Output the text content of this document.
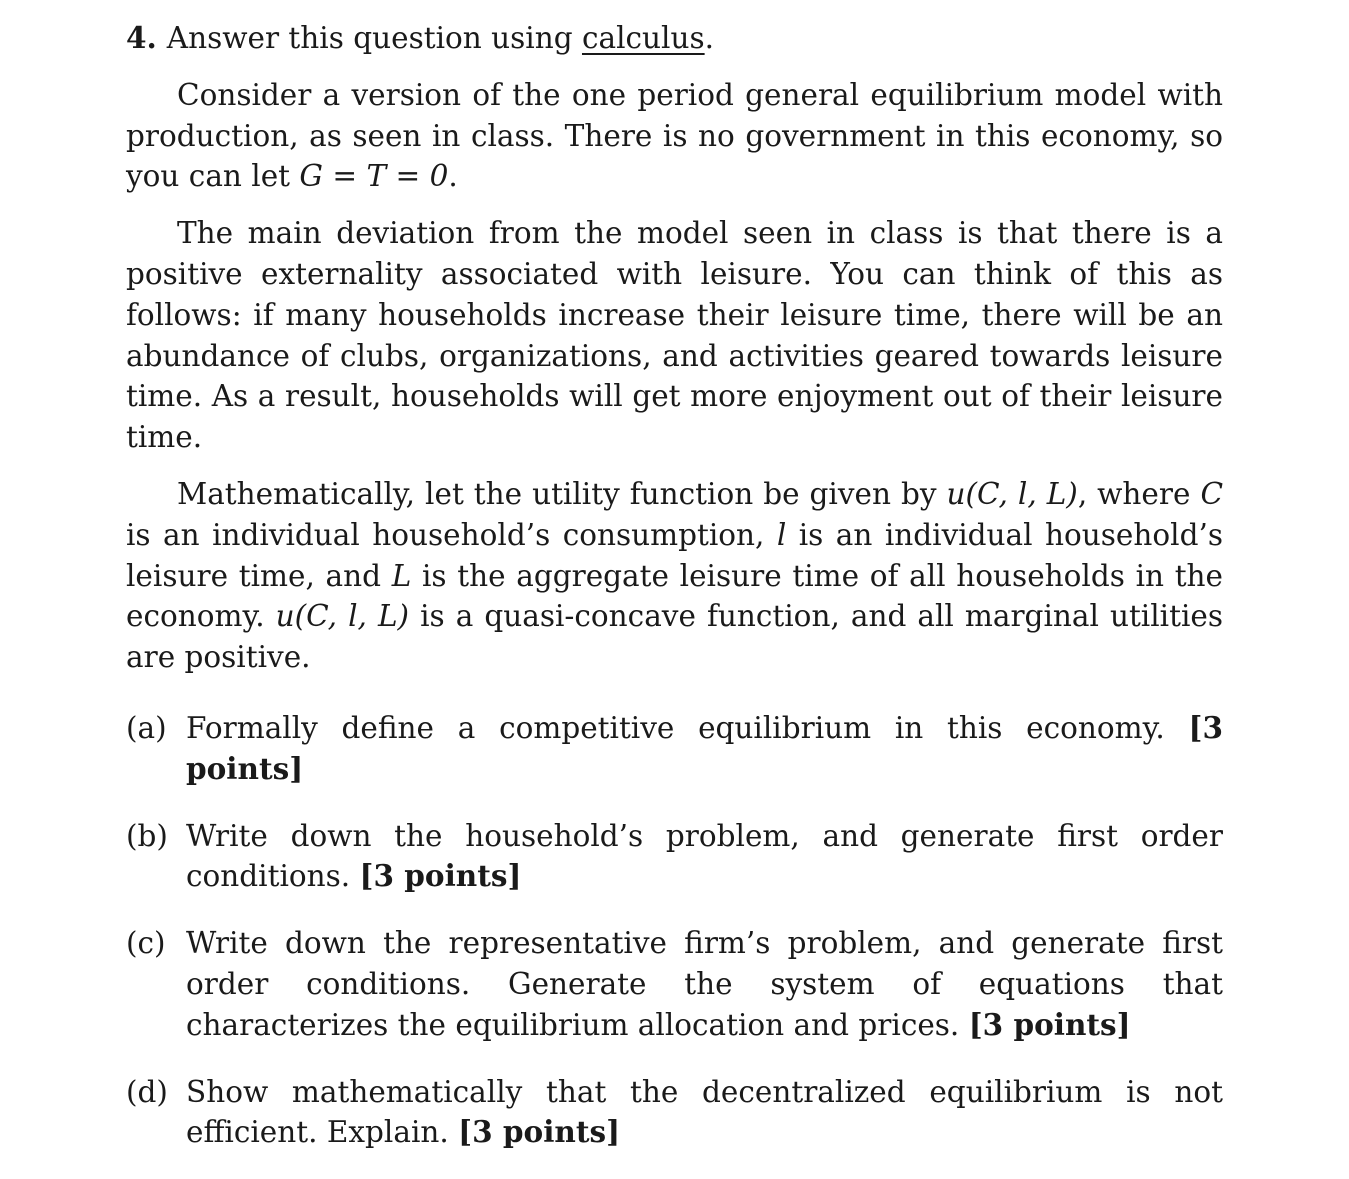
4. Answer this question using calculus.

Consider a version of the one period general equilibrium model with production, as seen in class. There is no government in this economy, so you can let G = T = 0.

The main deviation from the model seen in class is that there is a positive externality associated with leisure. You can think of this as follows: if many households increase their leisure time, there will be an abundance of clubs, organizations, and activities geared towards leisure time. As a result, households will get more enjoyment out of their leisure time.

Mathematically, let the utility function be given by u(C, l, L), where C is an individual household’s consumption, l is an individual household’s leisure time, and L is the aggregate leisure time of all households in the economy. u(C, l, L) is a quasi-concave function, and all marginal utilities are positive.

(a) Formally define a competitive equilibrium in this economy. [3 points]
(b) Write down the household’s problem, and generate first order conditions. [3 points]
(c) Write down the representative firm’s problem, and generate first order conditions. Generate the system of equations that characterizes the equilibrium allocation and prices. [3 points]
(d) Show mathematically that the decentralized equilibrium is not efficient. Explain. [3 points]
